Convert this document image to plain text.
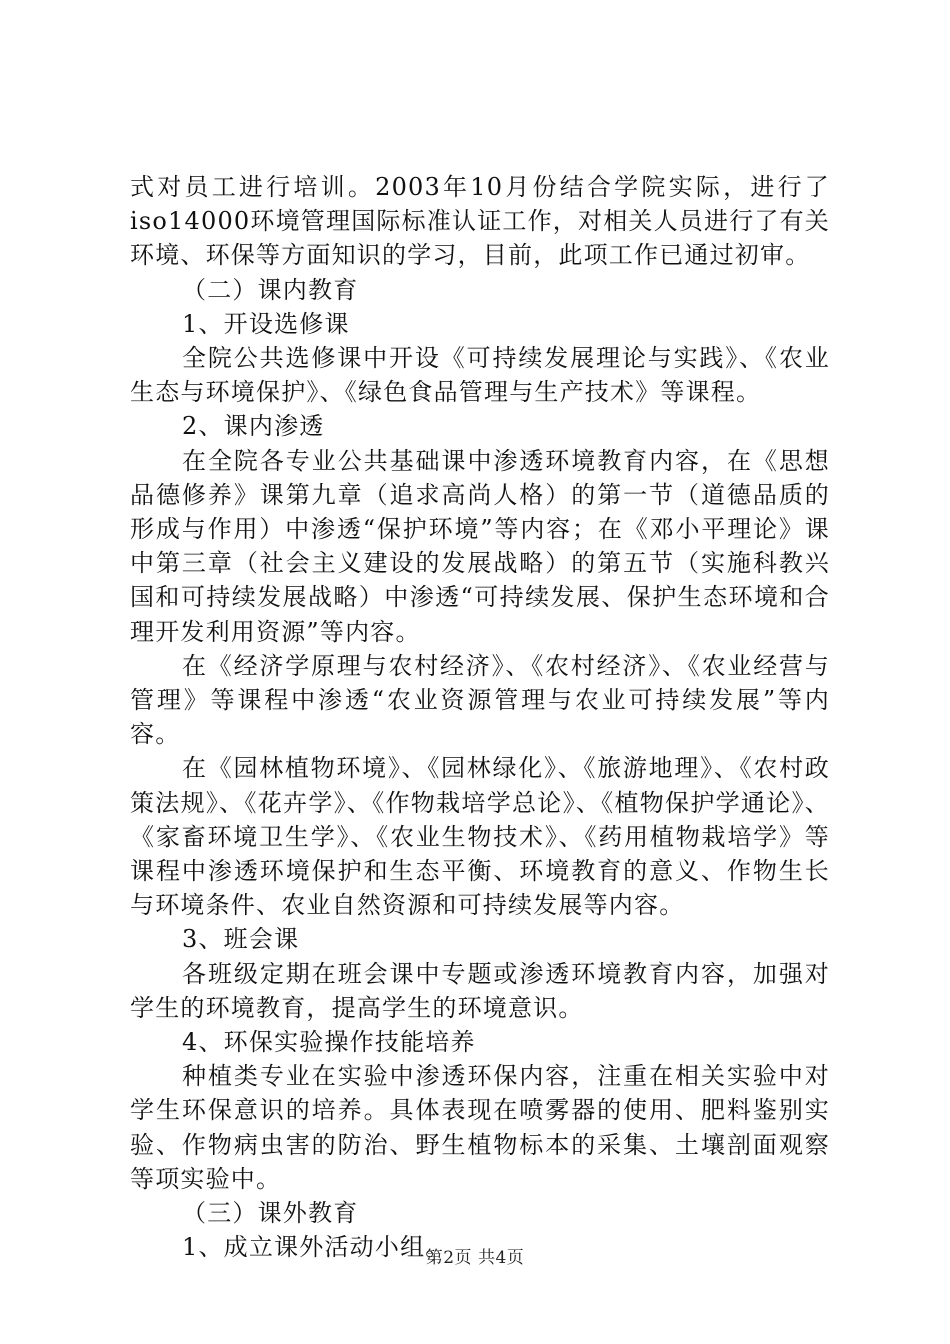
式对员工进行培训。2003年10月份结合学院实际，进行了iso14000环境管理国际标准认证工作，对相关人员进行了有关环境、环保等方面知识的学习，目前，此项工作已通过初审。

（二）课内教育

1、开设选修课

全院公共选修课中开设《可持续发展理论与实践》、《农业生态与环境保护》、《绿色食品管理与生产技术》等课程。

2、课内渗透

在全院各专业公共基础课中渗透环境教育内容，在《思想品德修养》课第九章（追求高尚人格）的第一节（道德品质的形成与作用）中渗透“保护环境”等内容；在《邓小平理论》课中第三章（社会主义建设的发展战略）的第五节（实施科教兴国和可持续发展战略）中渗透“可持续发展、保护生态环境和合理开发利用资源”等内容。

在《经济学原理与农村经济》、《农村经济》、《农业经营与管理》等课程中渗透“农业资源管理与农业可持续发展”等内容。

在《园林植物环境》、《园林绿化》、《旅游地理》、《农村政策法规》、《花卉学》、《作物栽培学总论》、《植物保护学通论》、《家畜环境卫生学》、《农业生物技术》、《药用植物栽培学》等课程中渗透环境保护和生态平衡、环境教育的意义、作物生长与环境条件、农业自然资源和可持续发展等内容。

3、班会课

各班级定期在班会课中专题或渗透环境教育内容，加强对学生的环境教育，提高学生的环境意识。

4、环保实验操作技能培养

种植类专业在实验中渗透环保内容，注重在相关实验中对学生环保意识的培养。具体表现在喷雾器的使用、肥料鉴别实验、作物病虫害的防治、野生植物标本的采集、土壤剖面观察等项实验中。

（三）课外教育

1、成立课外活动小组。

第2页 共4页
